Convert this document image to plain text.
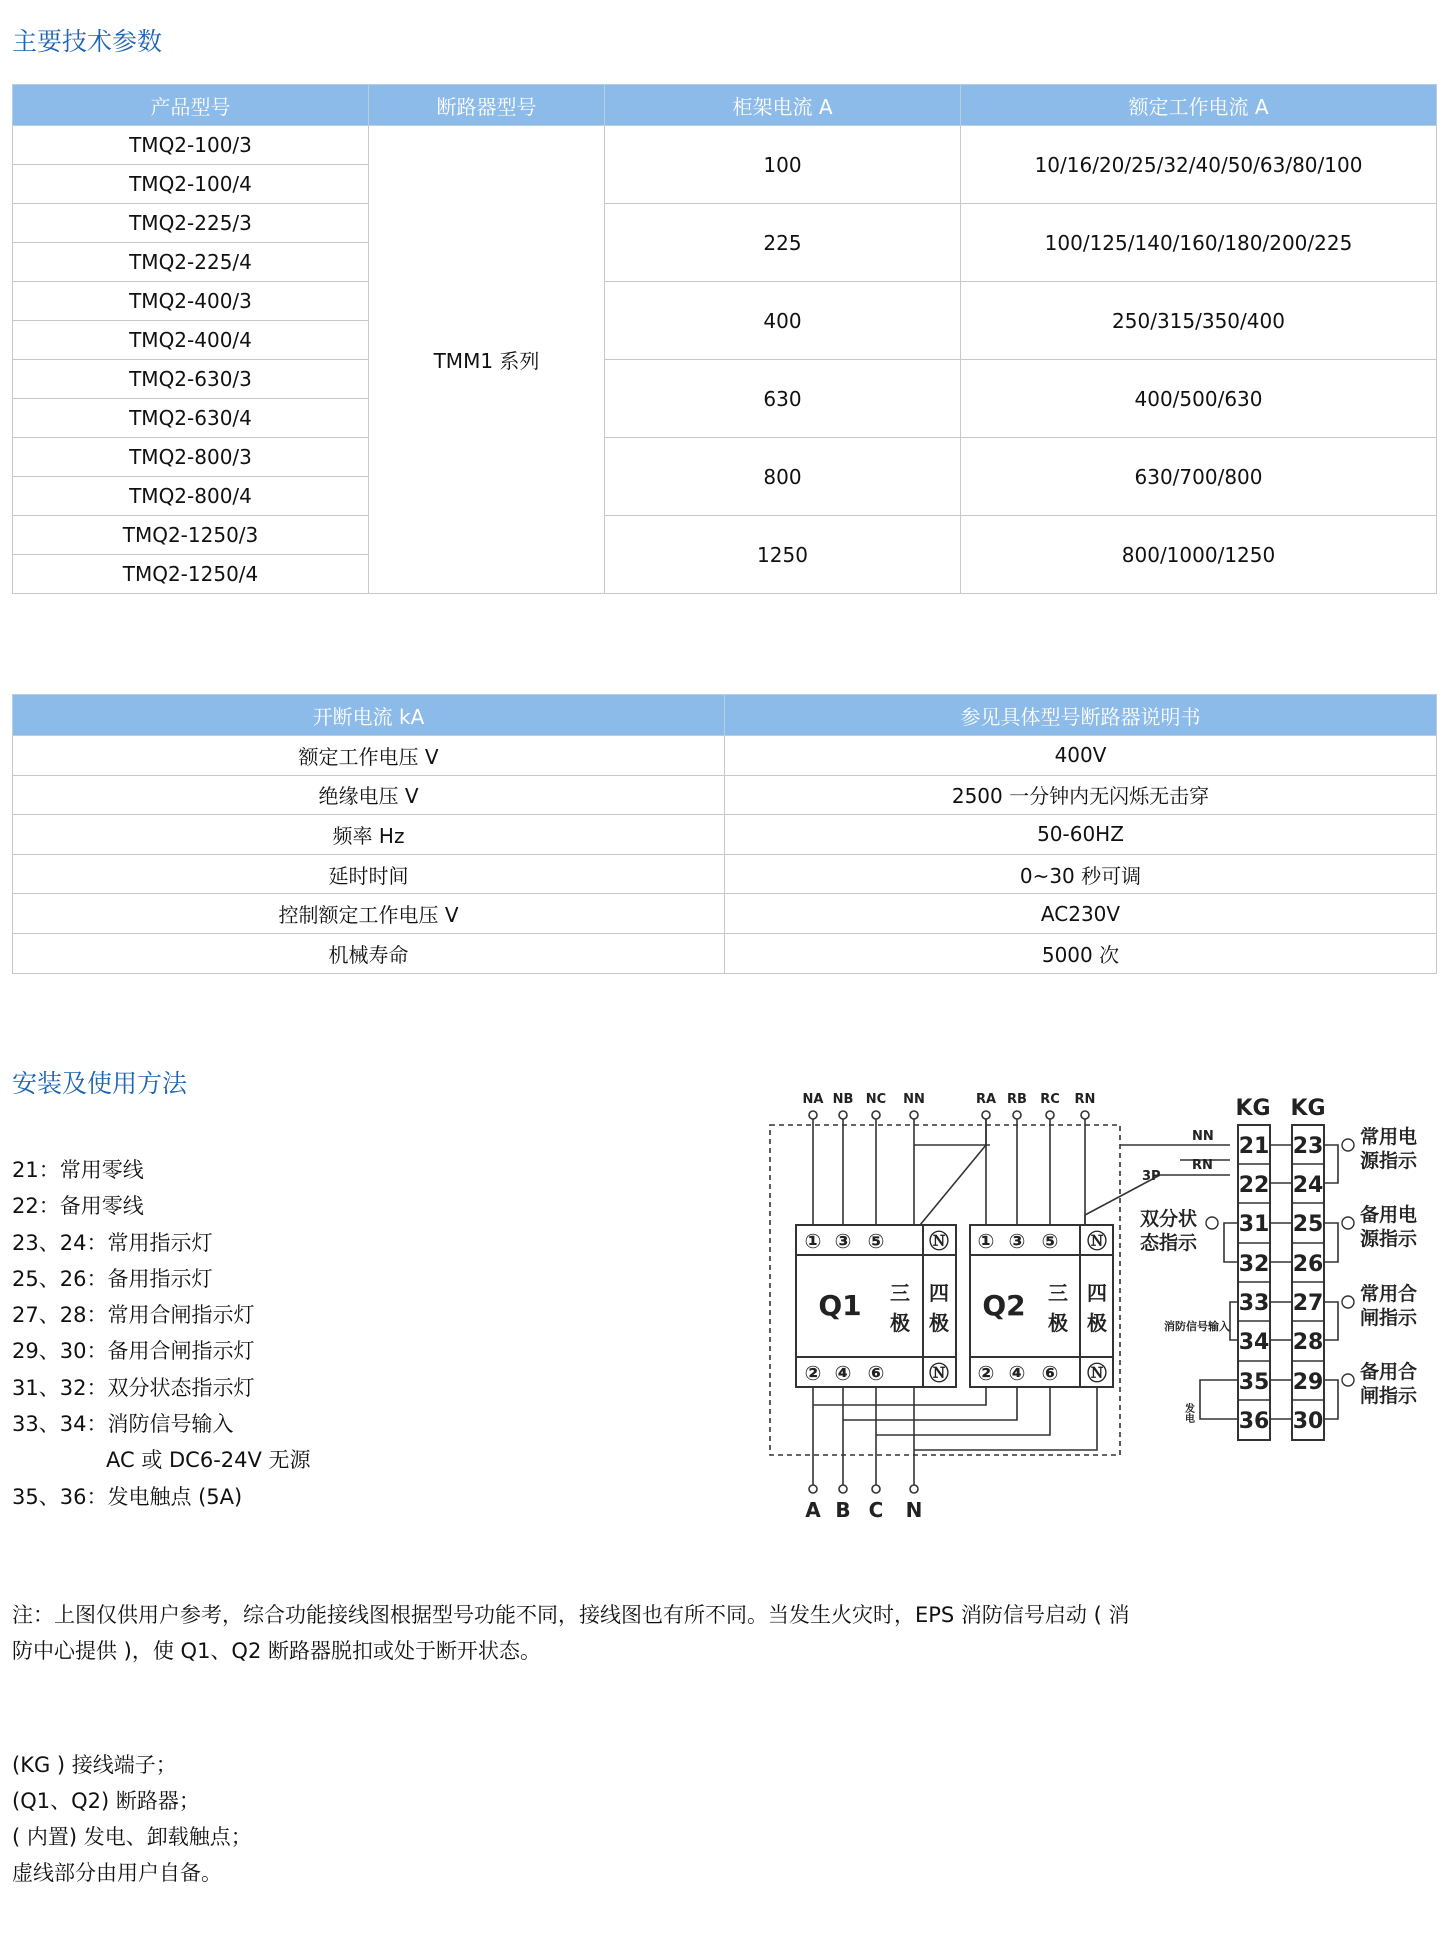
主要技术参数
产品型号	断路器型号	柜架电流 A	额定工作电流 A
TMQ2-100/3	TMM1 系列	100	10/16/20/25/32/40/50/63/80/100
TMQ2-100/4			
TMQ2-225/3		225	100/125/140/160/180/200/225
TMQ2-225/4			
TMQ2-400/3		400	250/315/350/400
TMQ2-400/4			
TMQ2-630/3		630	400/500/630
TMQ2-630/4			
TMQ2-800/3		800	630/700/800
TMQ2-800/4			
TMQ2-1250/3		1250	800/1000/1250
TMQ2-1250/4			
开断电流 kA	参见具体型号断路器说明书
额定工作电压 V	400V
绝缘电压 V	2500 一分钟内无闪烁无击穿
频率 Hz	50-60HZ
延时时间	0~30 秒可调
控制额定工作电压 V	AC230V
机械寿命	5000 次
安装及使用方法
21：常用零线
22：备用零线
23、24：常用指示灯
25、26：备用指示灯
27、28：常用合闸指示灯
29、30：备用合闸指示灯
31、32：双分状态指示灯
33、34：消防信号输入
AC 或 DC6-24V 无源
35、36：发电触点 (5A)
NA NB NC NN	RA RB RC RN
① ③ ⑤ Ⓝ
② ④ ⑥ Ⓝ
Q1 三
极
四
极
① ③ ⑤ Ⓝ
② ④ ⑥ Ⓝ
Q2 三
极
四
极
A B C N
KG KG
21
22
31
32
33
34
35
36
23
24
25
26
27
28
29
30
常用电
源指示
备用电
源指示
常用合
闸指示
备用合
闸指示
双分状
态指示
NN
RN
3P
消防信号输入
发电
注：上图仅供用户参考，综合功能接线图根据型号功能不同，接线图也有所不同。当发生火灾时，EPS 消防信号启动 ( 消防中心提供 )，使 Q1、Q2 断路器脱扣或处于断开状态。
(KG ) 接线端子；
(Q1、Q2) 断路器；
( 内置) 发电、卸载触点；
虚线部分由用户自备。
